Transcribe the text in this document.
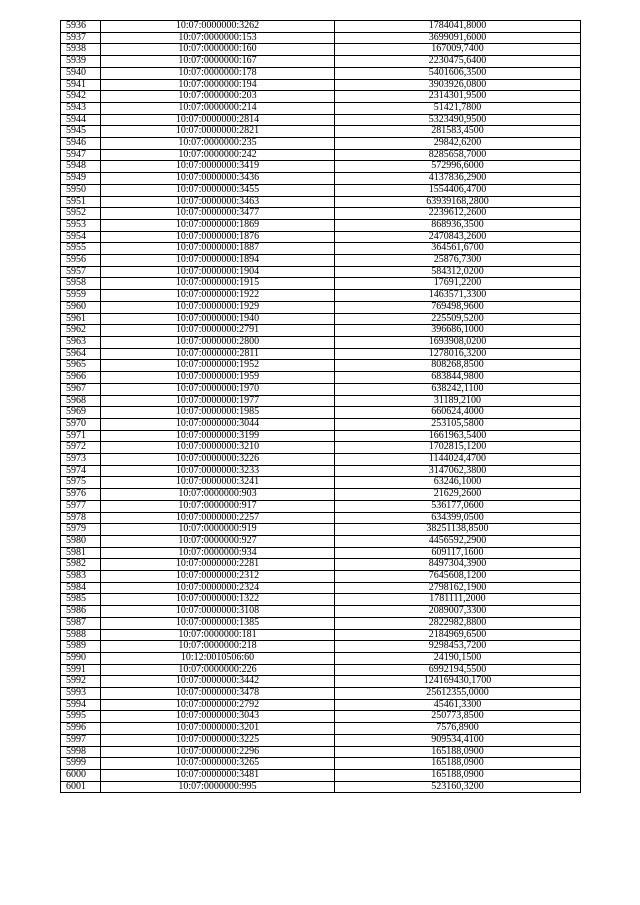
5936	10:07:0000000:3262	1784041,8000
5937	10:07:0000000:153	3699091,6000
5938	10:07:0000000:160	167009,7400
5939	10:07:0000000:167	2230475,6400
5940	10:07:0000000:178	5401606,3500
5941	10:07:0000000:194	3903926,0800
5942	10:07:0000000:203	2314301,9500
5943	10:07:0000000:214	51421,7800
5944	10:07:0000000:2814	5323490,9500
5945	10:07:0000000:2821	281583,4500
5946	10:07:0000000:235	29842,6200
5947	10:07:0000000:242	8285658,7000
5948	10:07:0000000:3419	572996,6000
5949	10:07:0000000:3436	4137836,2900
5950	10:07:0000000:3455	1554406,4700
5951	10:07:0000000:3463	63939168,2800
5952	10:07:0000000:3477	2239612,2600
5953	10:07:0000000:1869	868936,3500
5954	10:07:0000000:1876	2470843,2600
5955	10:07:0000000:1887	364561,6700
5956	10:07:0000000:1894	25876,7300
5957	10:07:0000000:1904	584312,0200
5958	10:07:0000000:1915	17691,2200
5959	10:07:0000000:1922	1463571,3300
5960	10:07:0000000:1929	769498,9600
5961	10:07:0000000:1940	225509,5200
5962	10:07:0000000:2791	396686,1000
5963	10:07:0000000:2800	1693908,0200
5964	10:07:0000000:2811	1278016,3200
5965	10:07:0000000:1952	808268,8500
5966	10:07:0000000:1959	683844,9800
5967	10:07:0000000:1970	638242,1100
5968	10:07:0000000:1977	31189,2100
5969	10:07:0000000:1985	660624,4000
5970	10:07:0000000:3044	253105,5800
5971	10:07:0000000:3199	1661963,5400
5972	10:07:0000000:3210	1702815,1200
5973	10:07:0000000:3226	1144024,4700
5974	10:07:0000000:3233	3147062,3800
5975	10:07:0000000:3241	63246,1000
5976	10:07:0000000:903	21629,2600
5977	10:07:0000000:917	536177,0600
5978	10:07:0000000:2257	634399,0500
5979	10:07:0000000:919	38251138,8500
5980	10:07:0000000:927	4456592,2900
5981	10:07:0000000:934	609117,1600
5982	10:07:0000000:2281	8497304,3900
5983	10:07:0000000:2312	7645608,1200
5984	10:07:0000000:2324	2798162,1900
5985	10:07:0000000:1322	1781111,2000
5986	10:07:0000000:3108	2089007,3300
5987	10:07:0000000:1385	2822982,8800
5988	10:07:0000000:181	2184969,6500
5989	10:07:0000000:218	9298453,7200
5990	10:12:0010506:60	24190,1500
5991	10:07:0000000:226	6992194,5500
5992	10:07:0000000:3442	124169430,1700
5993	10:07:0000000:3478	25612355,0000
5994	10:07:0000000:2792	45461,3300
5995	10:07:0000000:3043	250773,8500
5996	10:07:0000000:3201	7576,8900
5997	10:07:0000000:3225	909534,4100
5998	10:07:0000000:2296	165188,0900
5999	10:07:0000000:3265	165188,0900
6000	10:07:0000000:3481	165188,0900
6001	10:07:0000000:995	523160,3200
